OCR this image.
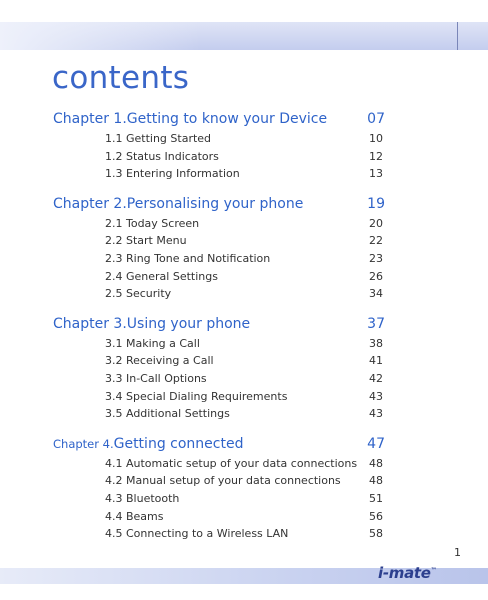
contents
Chapter 1.Getting to know your Device	07
1.1 Getting Started	10
1.2 Status Indicators	12
1.3 Entering Information	13
Chapter 2.Personalising your phone	19
2.1 Today Screen	20
2.2 Start Menu	22
2.3 Ring Tone and Notification	23
2.4 General Settings	26
2.5 Security	34
Chapter 3.Using your phone	37
3.1 Making a Call	38
3.2 Receiving a Call	41
3.3 In-Call Options	42
3.4 Special Dialing Requirements	43
3.5 Additional Settings	43
Chapter 4.Getting connected	47
4.1 Automatic setup of your data connections 48
4.2 Manual setup of your data connections	48
4.3 Bluetooth	51
4.4 Beams	56
4.5 Connecting to a Wireless LAN	58
1
i-mate™
